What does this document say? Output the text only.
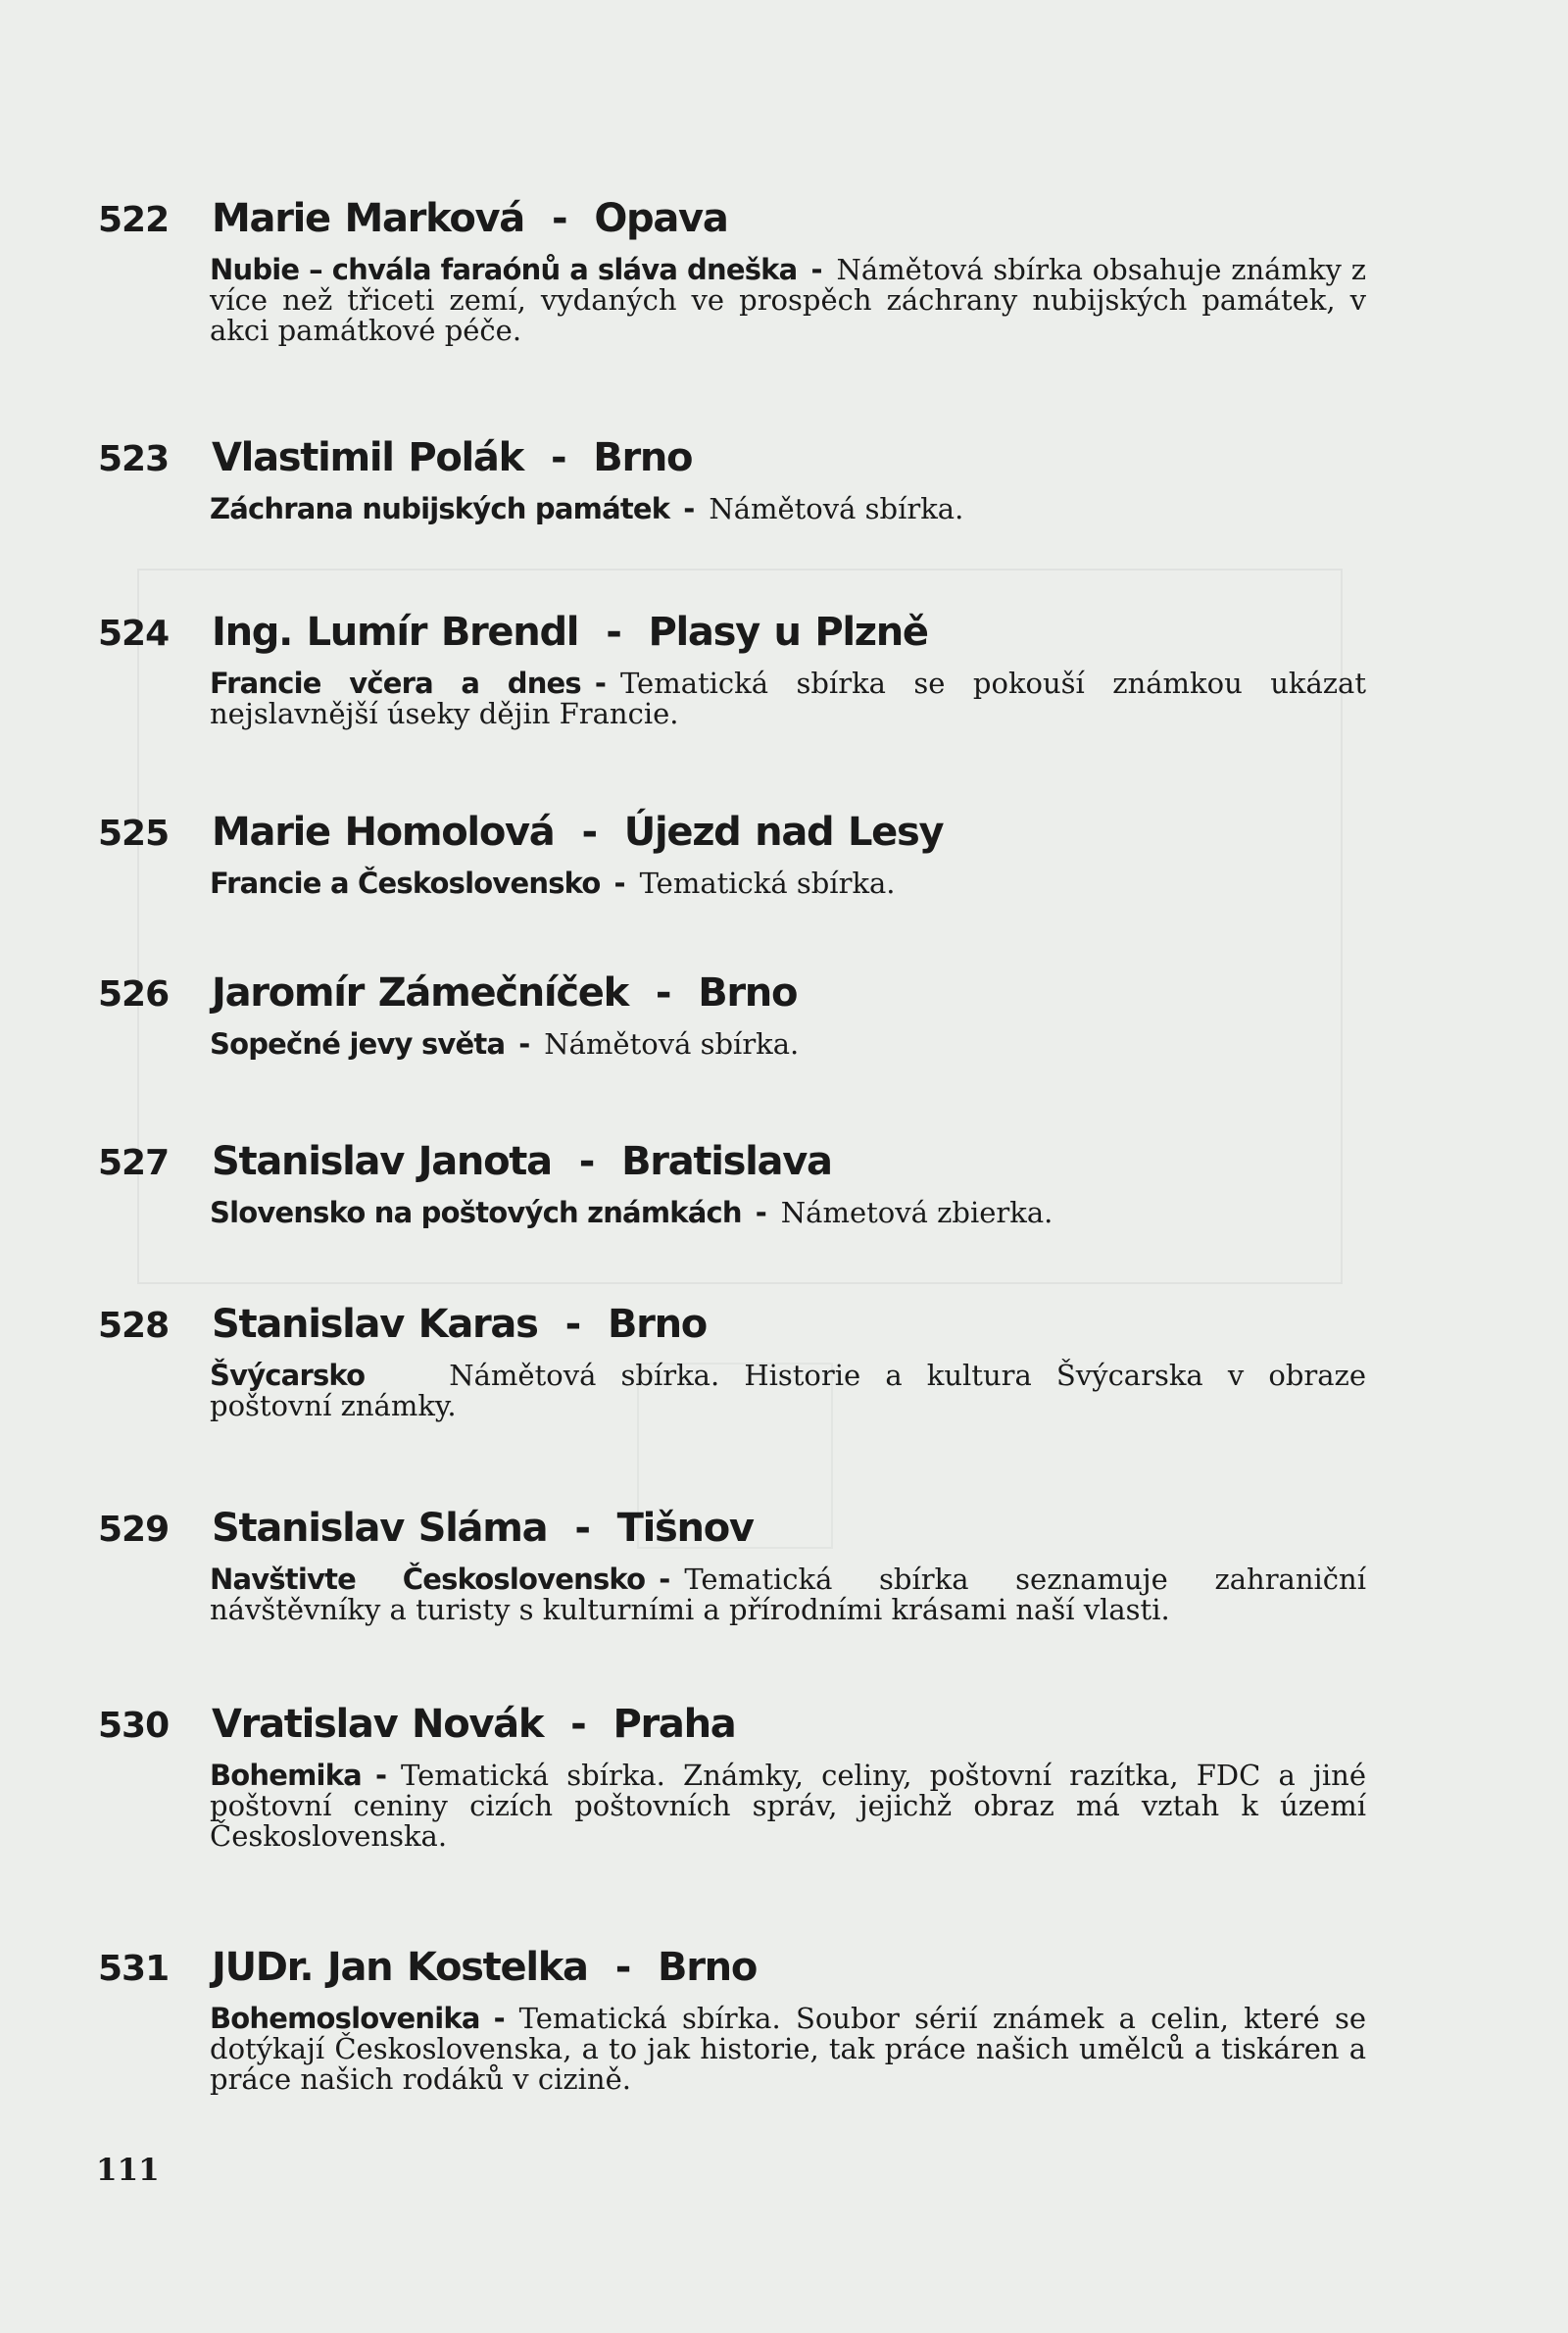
522 Marie Marková - Opava
Nubie – chvála faraónů a sláva dneška - Námětová sbírka obsahuje známky z více než třiceti zemí, vydaných ve prospěch záchrany nubijských památek, v akci památkové péče.
523 Vlastimil Polák - Brno
Záchrana nubijských památek - Námětová sbírka.
524 Ing. Lumír Brendl - Plasy u Plzně
Francie včera a dnes - Tematická sbírka se pokouší známkou ukázat nejslavnější úseky dějin Francie.
525 Marie Homolová - Újezd nad Lesy
Francie a Československo - Tematická sbírka.
526 Jaromír Zámečníček - Brno
Sopečné jevy světa - Námětová sbírka.
527 Stanislav Janota - Bratislava
Slovensko na poštových známkách - Námetová zbierka.
528 Stanislav Karas - Brno
Švýcarsko	Námětová sbírka. Historie a kultura Švýcarska v obraze poštovní známky.
529 Stanislav Sláma - Tišnov
Navštivte Československo - Tematická sbírka seznamuje zahraniční návštěvníky a turisty s kulturními a přírodními krásami naší vlasti.
530 Vratislav Novák - Praha
Bohemika - Tematická sbírka. Známky, celiny, poštovní razítka, FDC a jiné poštovní ceniny cizích poštovních správ, jejichž obraz má vztah k území Československa.
531 JUDr. Jan Kostelka - Brno
Bohemoslovenika - Tematická sbírka. Soubor sérií známek a celin, které se dotýkají Československa, a to jak historie, tak práce našich umělců a tiskáren a práce našich rodáků v cizině.
111
